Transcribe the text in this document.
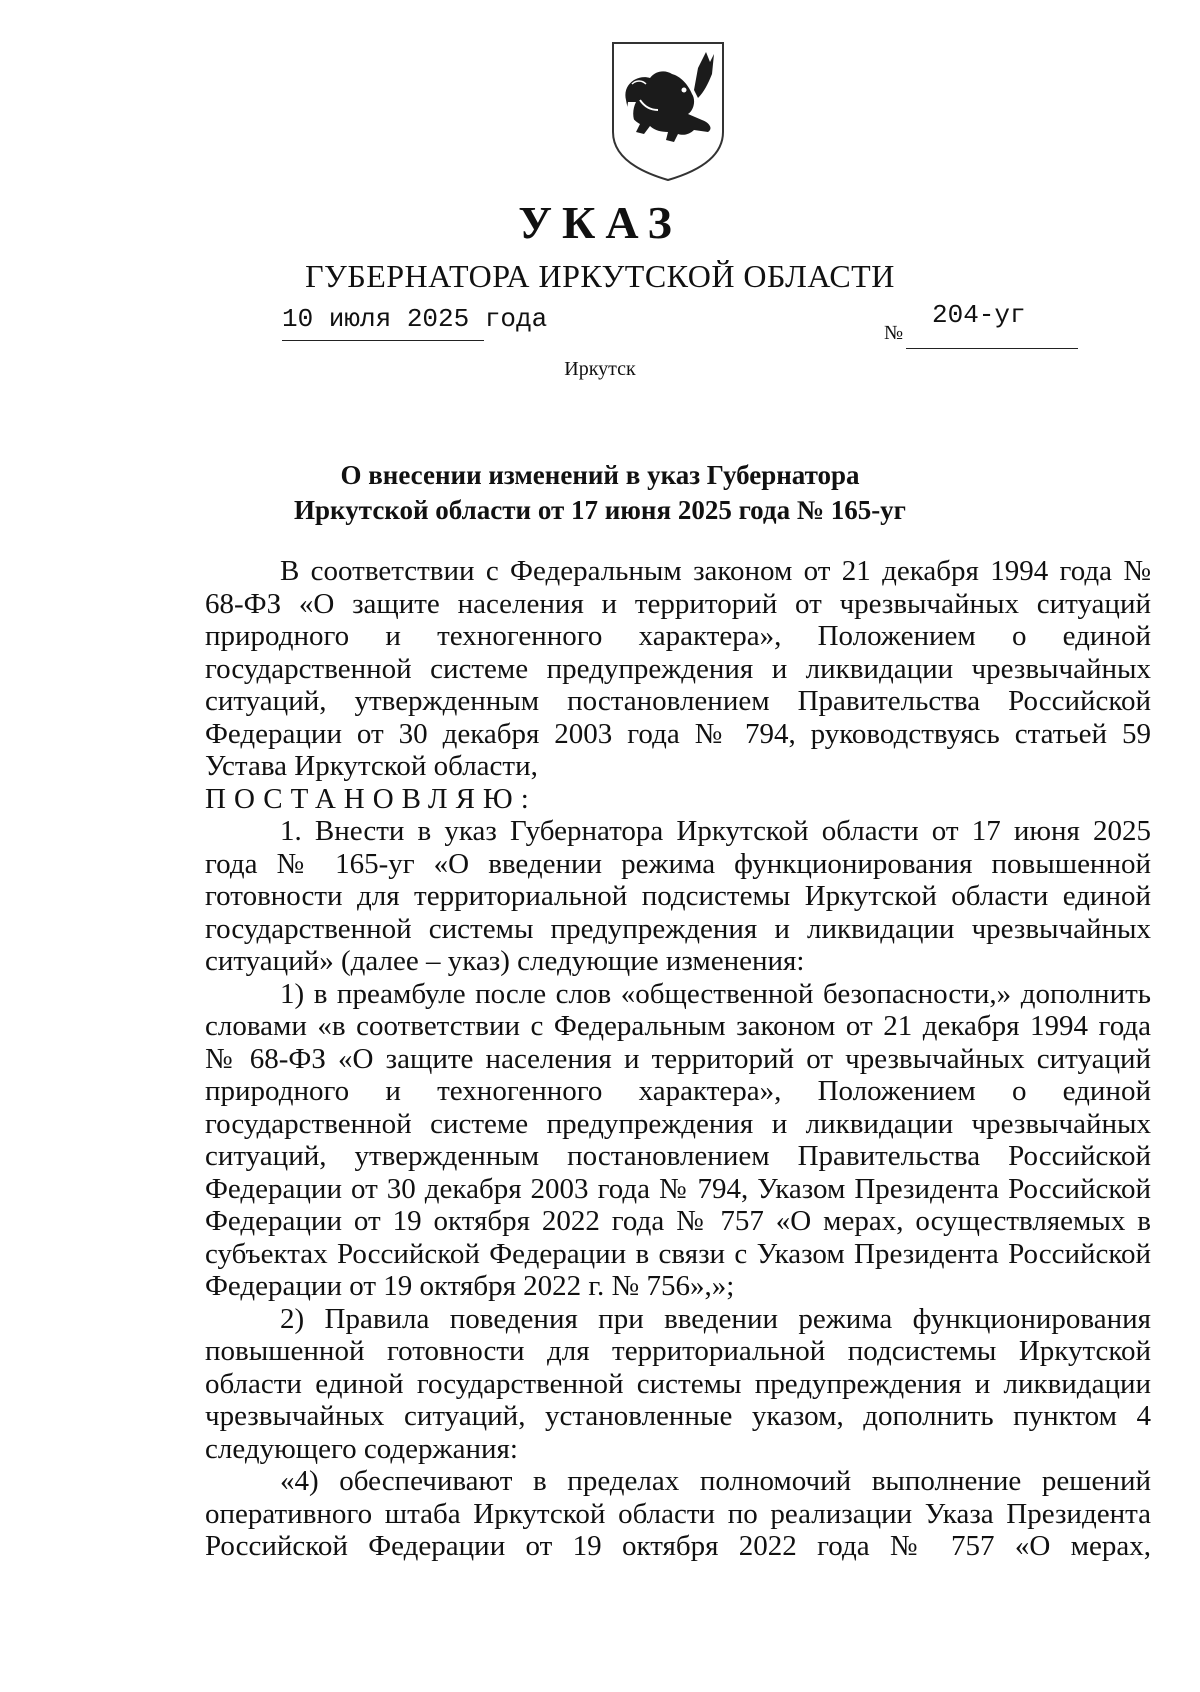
УКАЗ
ГУБЕРНАТОРА ИРКУТСКОЙ ОБЛАСТИ
10 июля 2025 года	№
204-уг
Иркутск
О внесении изменений в указ Губернатора
Иркутской области от 17 июня 2025 года № 165-уг

В соответствии с Федеральным законом от 21 декабря 1994 года № 68-ФЗ «О защите населения и территорий от чрезвычайных ситуаций природного и техногенного характера», Положением о единой государственной системе предупреждения и ликвидации чрезвычайных ситуаций, утвержденным постановлением Правительства Российской Федерации от 30 декабря 2003 года № 794, руководствуясь статьей 59 Устава Иркутской области,

ПОСТАНОВЛЯЮ:

1. Внести в указ Губернатора Иркутской области от 17 июня 2025 года № 165-уг «О введении режима функционирования повышенной готовности для территориальной подсистемы Иркутской области единой государственной системы предупреждения и ликвидации чрезвычайных ситуаций» (далее – указ) следующие изменения:

1) в преамбуле после слов «общественной безопасности,» дополнить словами «в соответствии с Федеральным законом от 21 декабря 1994 года № 68-ФЗ «О защите населения и территорий от чрезвычайных ситуаций природного и техногенного характера», Положением о единой государственной системе предупреждения и ликвидации чрезвычайных ситуаций, утвержденным постановлением Правительства Российской Федерации от 30 декабря 2003 года № 794, Указом Президента Российской Федерации от 19 октября 2022 года № 757 «О мерах, осуществляемых в субъектах Российской Федерации в связи с Указом Президента Российской Федерации от 19 октября 2022 г. № 756»,»;

2) Правила поведения при введении режима функционирования повышенной готовности для территориальной подсистемы Иркутской области единой государственной системы предупреждения и ликвидации чрезвычайных ситуаций, установленные указом, дополнить пунктом 4 следующего содержания:

«4) обеспечивают в пределах полномочий выполнение решений оперативного штаба Иркутской области по реализации Указа Президента Российской Федерации от 19 октября 2022 года № 757 «О мерах,
